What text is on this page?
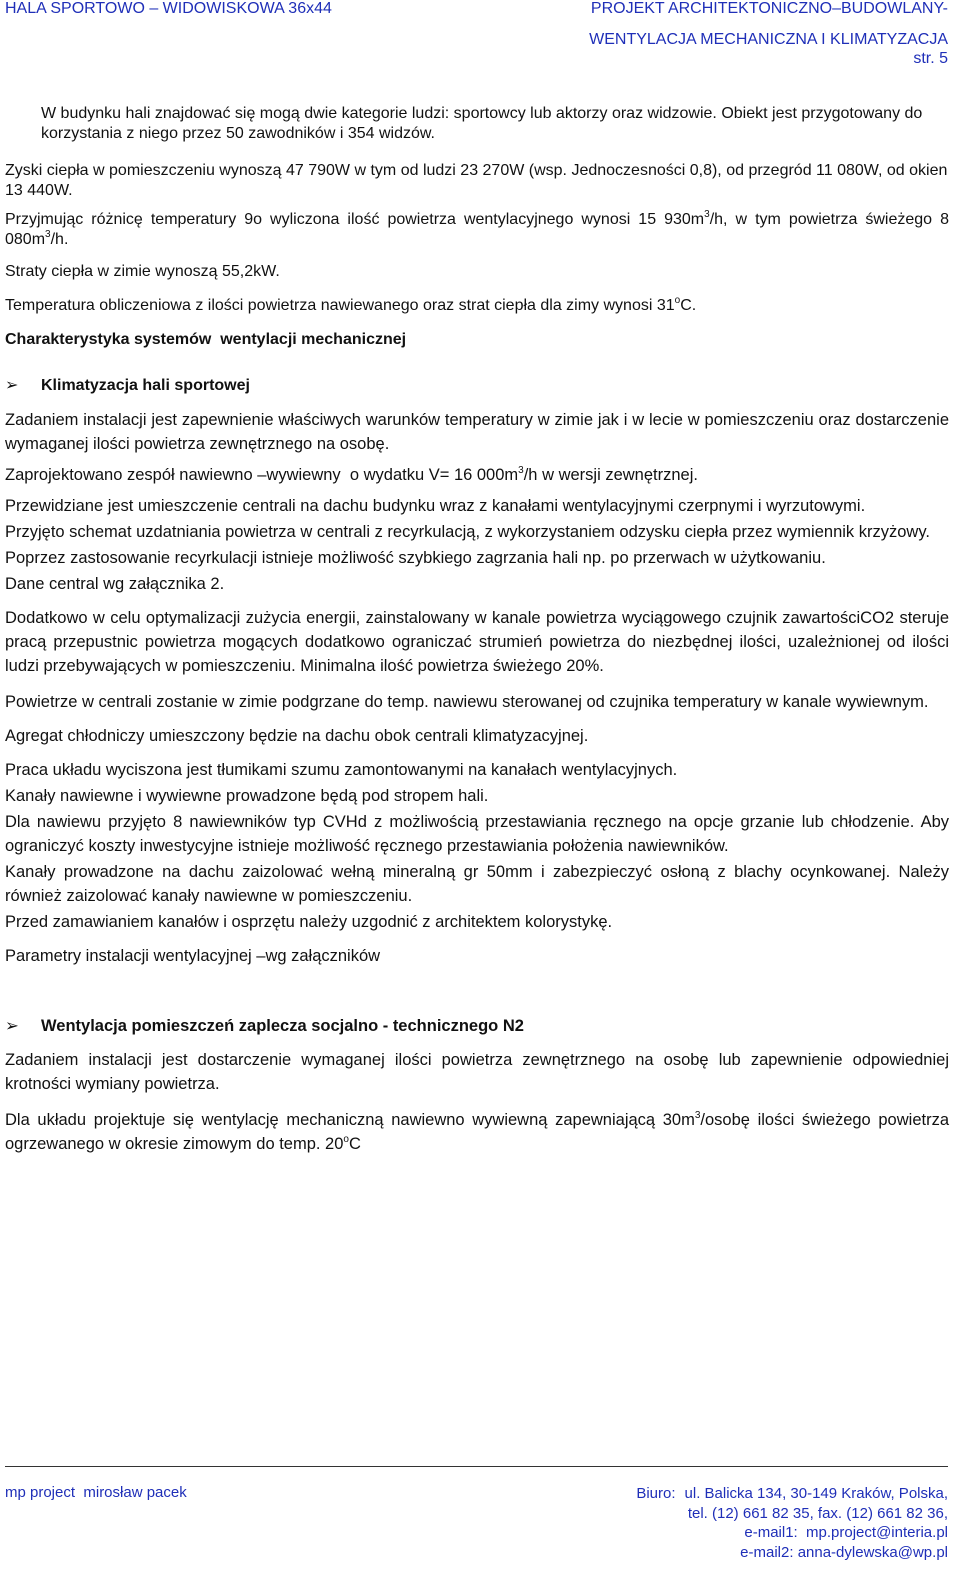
HALA SPORTOWO – WIDOWISKOWA 36x44	PROJEKT ARCHITEKTONICZNO–BUDOWLANY-
WENTYLACJA MECHANICZNA I KLIMATYZACJA
str. 5

W budynku hali znajdować się mogą dwie kategorie ludzi: sportowcy lub aktorzy oraz widzowie. Obiekt jest przygotowany do korzystania z niego przez 50 zawodników i 354 widzów.

Zyski ciepła w pomieszczeniu wynoszą 47 790W w tym od ludzi 23 270W (wsp. Jednoczesności 0,8), od przegród 11 080W, od okien 13 440W.

Przyjmując różnicę temperatury 9o wyliczona ilość powietrza wentylacyjnego wynosi 15 $930m^3/h$, w tym powietrza świeżego 8 $080m^3/h$.

Straty ciepła w zimie wynoszą 55,2kW.

Temperatura obliczeniowa z ilości powietrza nawiewanego oraz strat ciepła dla zimy wynosi 31$^o$C.

Charakterystyka systemów  wentylacji mechanicznej

➢ Klimatyzacja hali sportowej

Zadaniem instalacji jest zapewnienie właściwych warunków temperatury w zimie jak i w lecie w pomieszczeniu oraz dostarczenie wymaganej ilości powietrza zewnętrznego na osobę.

Zaprojektowano zespół nawiewno –wywiewny  o wydatku V= 16 $000m^3/h$ w wersji zewnętrznej.

Przewidziane jest umieszczenie centrali na dachu budynku wraz z kanałami wentylacyjnymi czerpnymi i wyrzutowymi.

Przyjęto schemat uzdatniania powietrza w centrali z recyrkulacją, z wykorzystaniem odzysku ciepła przez wymiennik krzyżowy.

Poprzez zastosowanie recyrkulacji istnieje możliwość szybkiego zagrzania hali np. po przerwach w użytkowaniu.

Dane central wg załącznika 2.

Dodatkowo w celu optymalizacji zużycia energii, zainstalowany w kanale powietrza wyciągowego czujnik zawartościCO2 steruje pracą przepustnic powietrza mogących dodatkowo ograniczać strumień powietrza do niezbędnej ilości, uzależnionej od ilości ludzi przebywających w pomieszczeniu. Minimalna ilość powietrza świeżego 20%.

Powietrze w centrali zostanie w zimie podgrzane do temp. nawiewu sterowanej od czujnika temperatury w kanale wywiewnym.

Agregat chłodniczy umieszczony będzie na dachu obok centrali klimatyzacyjnej.

Praca układu wyciszona jest tłumikami szumu zamontowanymi na kanałach wentylacyjnych.

Kanały nawiewne i wywiewne prowadzone będą pod stropem hali.

Dla nawiewu przyjęto 8 nawiewników typ CVHd z możliwością przestawiania ręcznego na opcje grzanie lub chłodzenie. Aby ograniczyć koszty inwestycyjne istnieje możliwość ręcznego przestawiania położenia nawiewników.

Kanały prowadzone na dachu zaizolować wełną mineralną gr 50mm i zabezpieczyć osłoną z blachy ocynkowanej. Należy również zaizolować kanały nawiewne w pomieszczeniu.

Przed zamawianiem kanałów i osprzętu należy uzgodnić z architektem kolorystykę.

Parametry instalacji wentylacyjnej –wg załączników

➢ Wentylacja pomieszczeń zaplecza socjalno - technicznego N2

Zadaniem instalacji jest dostarczenie wymaganej ilości powietrza zewnętrznego na osobę lub zapewnienie odpowiedniej krotności wymiany powietrza.

Dla układu projektuje się wentylację mechaniczną nawiewno wywiewną zapewniającą $30m^3$/osobę ilości świeżego powietrza ogrzewanego w okresie zimowym do temp. 20$^o$C

mp project  mirosław pacek	Biuro: ul. Balicka 134, 30-149 Kraków, Polska,
tel. (12) 661 82 35, fax. (12) 661 82 36,
e-mail1:  mp.project@interia.pl
e-mail2: anna-dylewska@wp.pl
